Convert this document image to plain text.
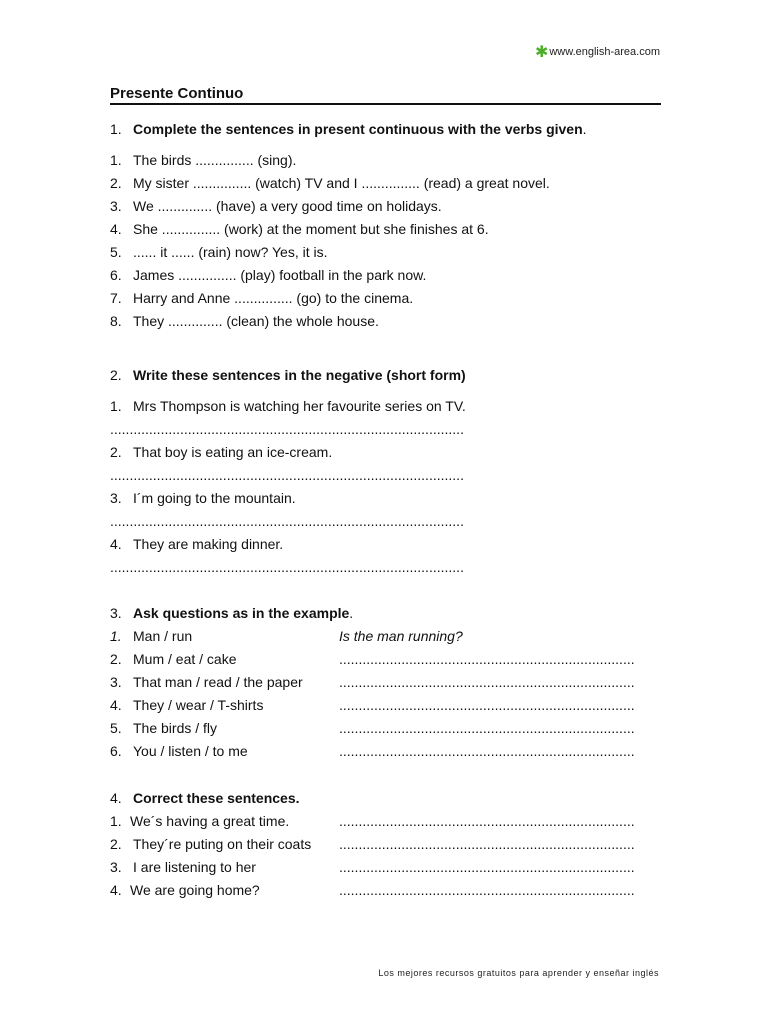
✱www.english-area.com
Presente Continuo
1. Complete the sentences in present continuous with the verbs given.
1. The birds ............... (sing).
2. My sister ............... (watch) TV and I ............... (read) a great novel.
3. We .............. (have) a very good time on holidays.
4. She ............... (work) at the moment but she finishes at 6.
5. ...... it ...... (rain) now? Yes, it is.
6. James ............... (play) football in the park now.
7. Harry and Anne ............... (go) to the cinema.
8. They .............. (clean) the whole house.
2. Write these sentences in the negative (short form)
1. Mrs Thompson is watching her favourite series on TV.
...........................................................................................
2. That boy is eating an ice-cream.
...........................................................................................
3. I´m going to the mountain.
...........................................................................................
4. They are making dinner.
...........................................................................................
3. Ask questions as in the example.
1. Man / run	Is the man running?
2. Mum / eat / cake	............................................................................
3. That man / read / the paper	............................................................................
4. They / wear / T-shirts	............................................................................
5. The birds / fly	............................................................................
6. You / listen / to me	............................................................................
4. Correct these sentences.
1. We´s having a great time.	............................................................................
2. They´re puting on their coats ............................................................................
3. I are listening to her	............................................................................
4. We are going home?	............................................................................
Los mejores recursos gratuitos para aprender y enseñar inglés
